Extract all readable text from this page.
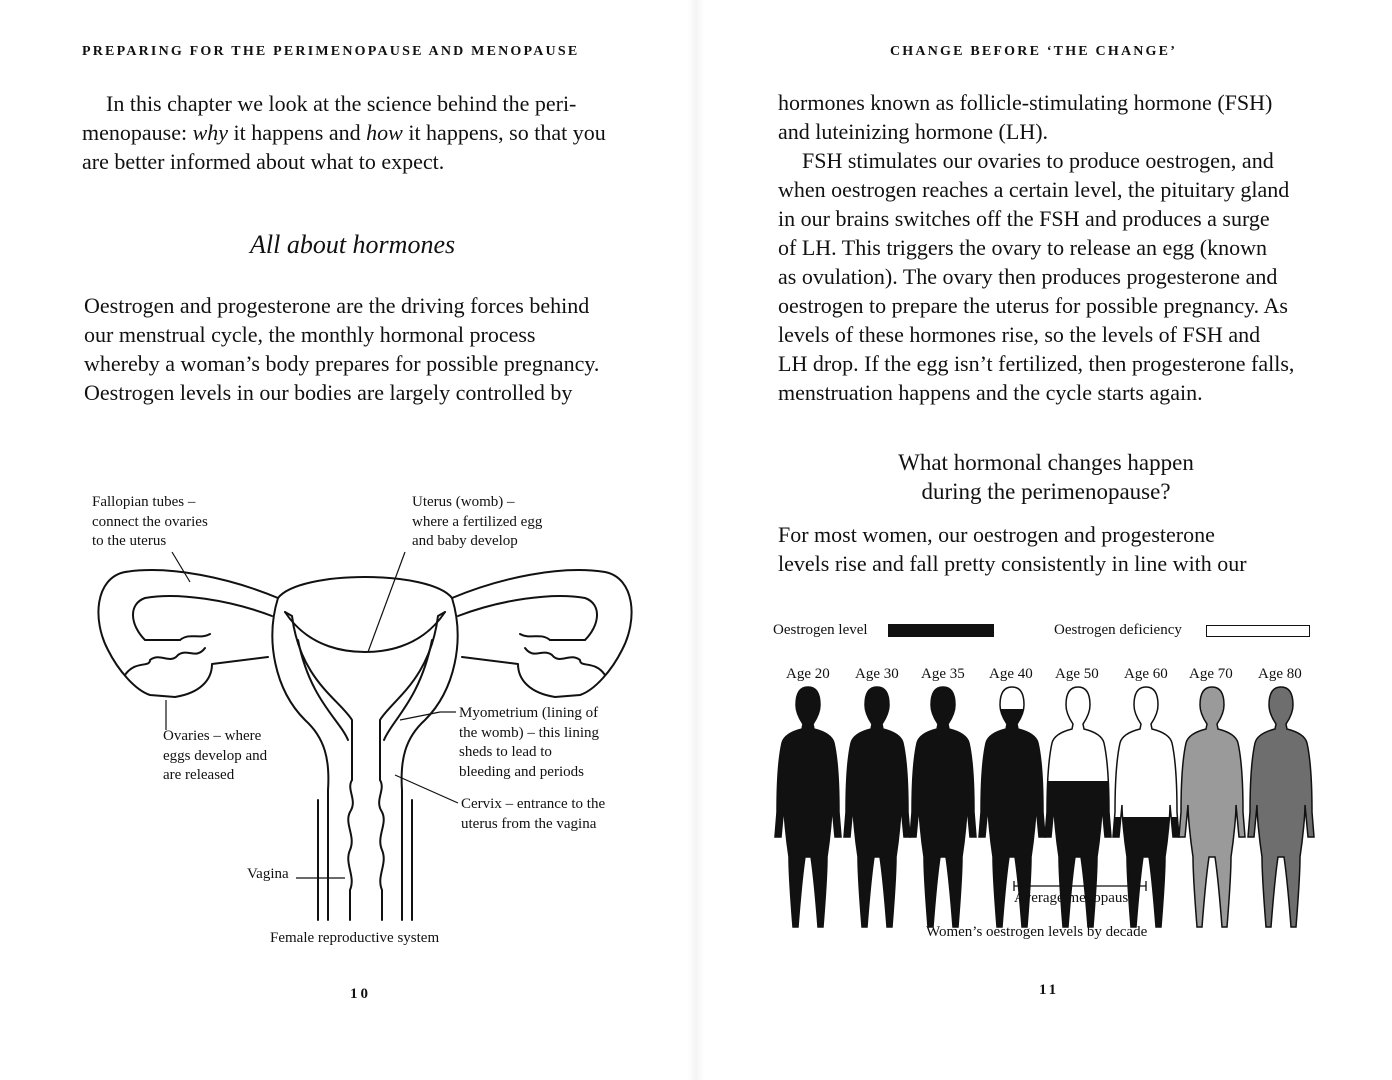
PREPARING FOR THE PERIMENOPAUSE AND MENOPAUSE
In this chapter we look at the science behind the peri-
menopause: why it happens and how it happens, so that you
are better informed about what to expect.
All about hormones
Oestrogen and progesterone are the driving forces behind
our menstrual cycle, the monthly hormonal process
whereby a woman’s body prepares for possible pregnancy.
Oestrogen levels in our bodies are largely controlled by
Fallopian tubes –
connect the ovaries
to the uterus
Uterus (womb) –
where a fertilized egg
and baby develop
Ovaries – where
eggs develop and
are released
Myometrium (lining of
the womb) – this lining
sheds to lead to
bleeding and periods
Cervix – entrance to the
uterus from the vagina
Vagina
Female reproductive system
10
CHANGE BEFORE ‘THE CHANGE’
hormones known as follicle-stimulating hormone (FSH)
and luteinizing hormone (LH).
FSH stimulates our ovaries to produce oestrogen, and
when oestrogen reaches a certain level, the pituitary gland
in our brains switches off the FSH and produces a surge
of LH. This triggers the ovary to release an egg (known
as ovulation). The ovary then produces progesterone and
oestrogen to prepare the uterus for possible pregnancy. As
levels of these hormones rise, so the levels of FSH and
LH drop. If the egg isn’t fertilized, then progesterone falls,
menstruation happens and the cycle starts again.
What hormonal changes happen
during the perimenopause?
For most women, our oestrogen and progesterone
levels rise and fall pretty consistently in line with our
Oestrogen level	Oestrogen deficiency
Age 20 Age 30 Age 35 Age 40 Age 50 Age 60 Age 70 Age 80
Average menopause
Women’s oestrogen levels by decade
11
